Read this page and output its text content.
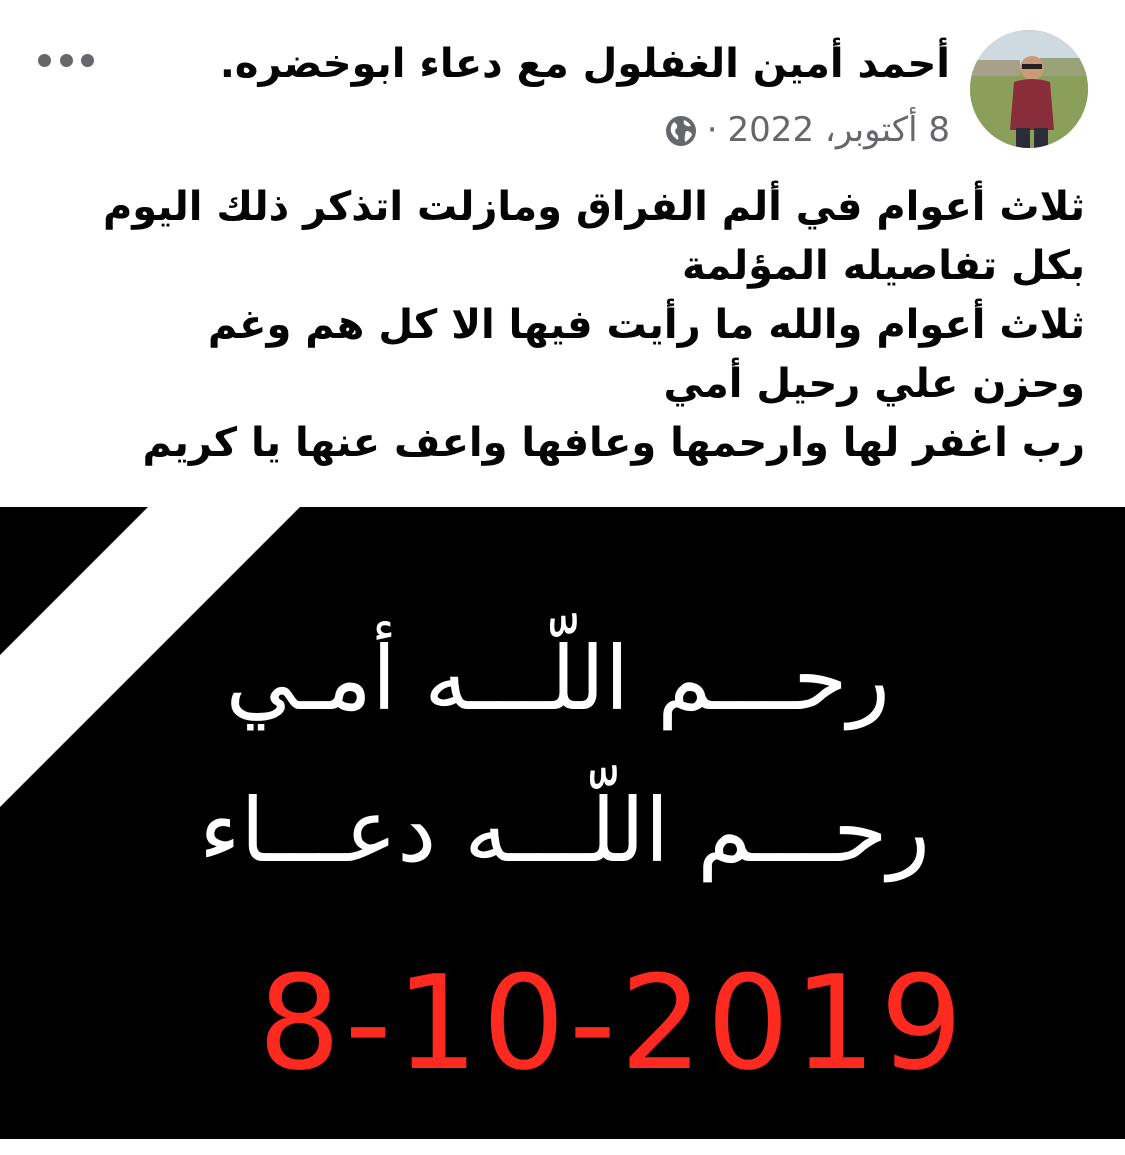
أحمد أمين الغفلول مع دعاء ابوخضره.
8 أكتوبر، 2022
·

ثلاث أعوام في ألم الفراق ومازلت اتذكر ذلك اليوم بكل تفاصيله المؤلمة

ثلاث أعوام والله ما رأيت فيها الا كل هم وغم وحزن علي رحيل أمي

رب اغفر لها وارحمها وعافها واعف عنها يا كريم

رحـــم اللّـــه أمـي
رحـــم اللّـــه دعـــاء
8-10-2019
